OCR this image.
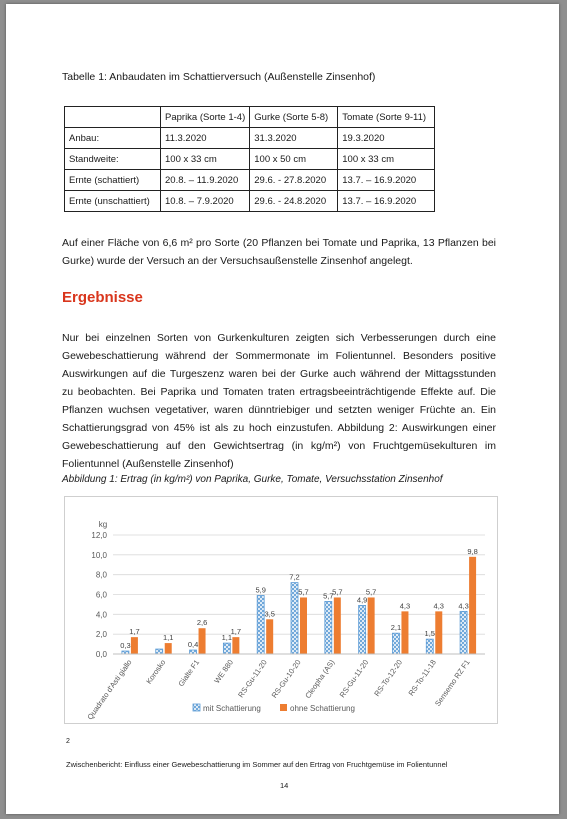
Tabelle 1: Anbaudaten im Schattierversuch (Außenstelle Zinsenhof)
	Paprika (Sorte 1-4)	Gurke (Sorte 5-8)	Tomate (Sorte 9-11)
Anbau:	11.3.2020	31.3.2020	19.3.2020
Standweite:	100 x 33 cm	100 x 50 cm	100 x 33 cm
Ernte (schattiert)	20.8. – 11.9.2020	29.6. - 27.8.2020	13.7. – 16.9.2020
Ernte (unschattiert)	10.8. – 7.9.2020	29.6. - 24.8.2020	13.7. – 16.9.2020
Auf einer Fläche von 6,6 m² pro Sorte (20 Pflanzen bei Tomate und Paprika, 13 Pflanzen bei
Gurke) wurde der Versuch an der Versuchsaußenstelle Zinsenhof angelegt.
Ergebnisse
Nur bei einzelnen Sorten von Gurkenkulturen zeigten sich Verbesserungen durch eine
Gewebeschattierung während der Sommermonate im Folientunnel. Besonders positive
Auswirkungen auf die Turgeszenz waren bei der Gurke auch während der Mittagsstunden
zu beobachten. Bei Paprika und Tomaten traten ertragsbeeinträchtigende Effekte auf. Die
Pflanzen wuchsen vegetativer, waren dünntriebiger und setzten weniger Früchte an. Ein
Schattierungsgrad von 45% ist als zu hoch einzustufen. Abbildung 2: Auswirkungen einer
Gewebeschattierung auf den Gewichtsertrag (in kg/m²) von Fruchtgemüsekulturen im
Folientunnel (Außenstelle Zinsenhof)
Abbildung 1: Ertrag (in kg/m²) von Paprika, Gurke, Tomate, Versuchsstation Zinsenhof
kg
0,0
2,0
4,0
6,0
8,0
10,0
12,0
0,3
1,7
Quadrato d'Asti giallo
1,1
Korosko
0,4
2,6
Gialte F1
1,1
1,7
WE 880
5,9
3,5
RS-Gu-11-20
7,2
5,7
RS-Gu-10-20
5,7
5,7
Cleopha (AS)
4,9
5,7
RS-Gu-11-20
2,1
4,3
RS-To-12-20
1,5
4,3
RS-To-11-18
4,3
9,8
Sensemo RZ F1
mit Schattierung	ohne Schattierung
2
Zwischenbericht: Einfluss einer Gewebeschattierung im Sommer auf den Ertrag von Fruchtgemüse im Folientunnel
14
